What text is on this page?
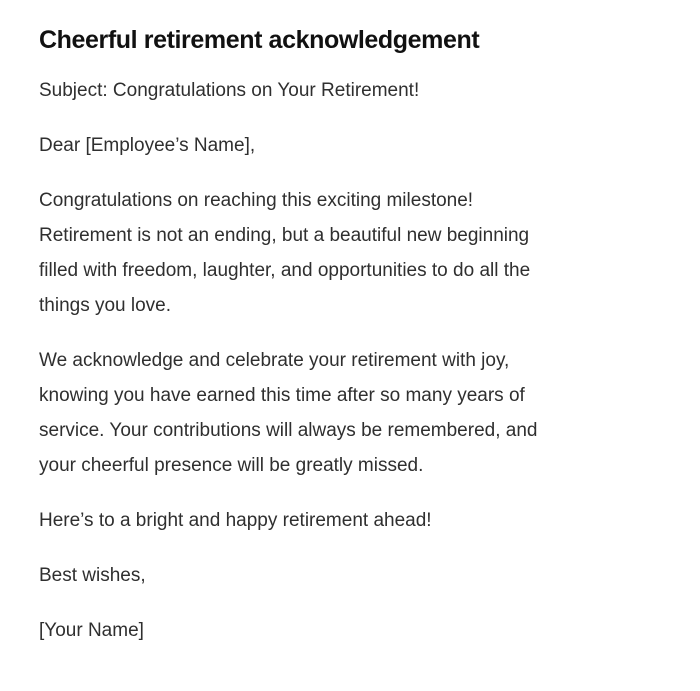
Cheerful retirement acknowledgement
Subject: Congratulations on Your Retirement!
Dear [Employee’s Name],
Congratulations on reaching this exciting milestone!
Retirement is not an ending, but a beautiful new beginning
filled with freedom, laughter, and opportunities to do all the
things you love.
We acknowledge and celebrate your retirement with joy,
knowing you have earned this time after so many years of
service. Your contributions will always be remembered, and
your cheerful presence will be greatly missed.
Here’s to a bright and happy retirement ahead!
Best wishes,
[Your Name]
